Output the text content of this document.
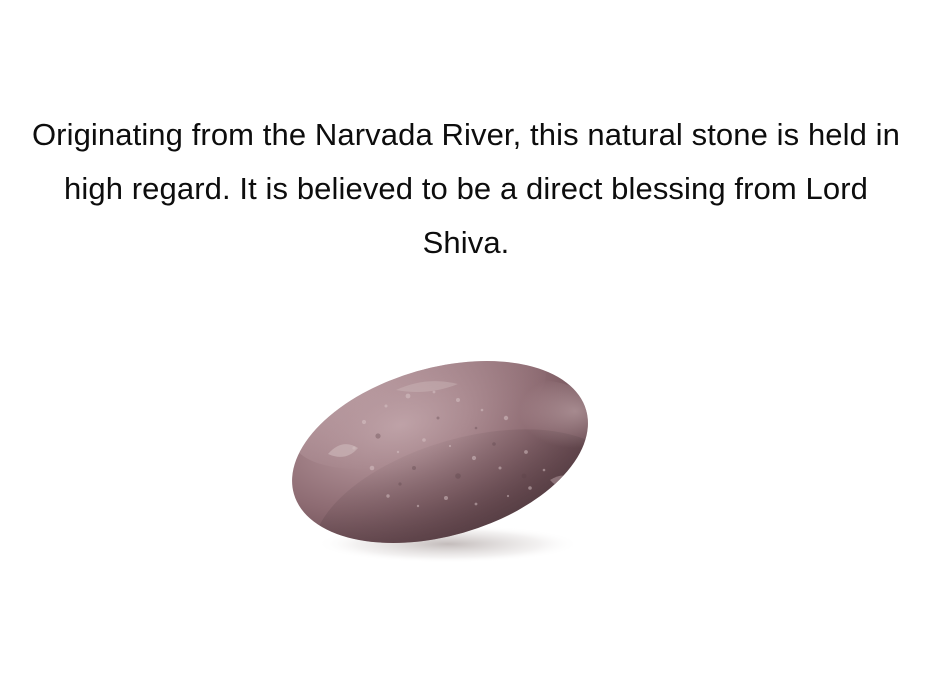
Originating from the Narvada River, this natural stone is held in high regard. It is believed to be a direct blessing from Lord Shiva.
